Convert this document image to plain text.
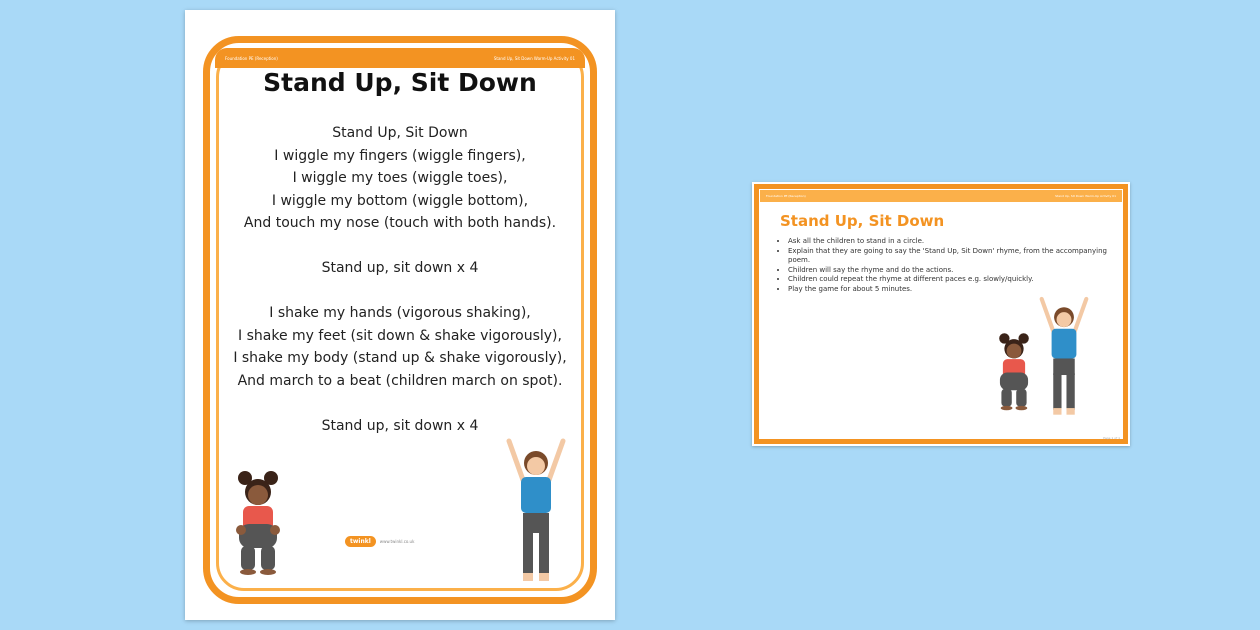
Foundation PE (Reception)	Stand Up, Sit Down Warm-Up Activity 01
Stand Up, Sit Down
Stand Up, Sit Down
I wiggle my fingers (wiggle fingers),
I wiggle my toes (wiggle toes),
I wiggle my bottom (wiggle bottom),
And touch my nose (touch with both hands).
Stand up, sit down x 4
I shake my hands (vigorous shaking),
I shake my feet (sit down & shake vigorously),
I shake my body (stand up & shake vigorously),
And march to a beat (children march on spot).
Stand up, sit down x 4
twinkl	www.twinkl.co.uk
Foundation PE (Reception)	Stand Up, Sit Down Warm-Up Activity 01
Stand Up, Sit Down
• Ask all the children to stand in a circle.
• Explain that they are going to say the 'Stand Up, Sit Down' rhyme, from the accompanying poem.
• Children will say the rhyme and do the actions.
• Children could repeat the rhyme at different paces e.g. slowly/quickly.
• Play the game for about 5 minutes.
Page 1 of 1
